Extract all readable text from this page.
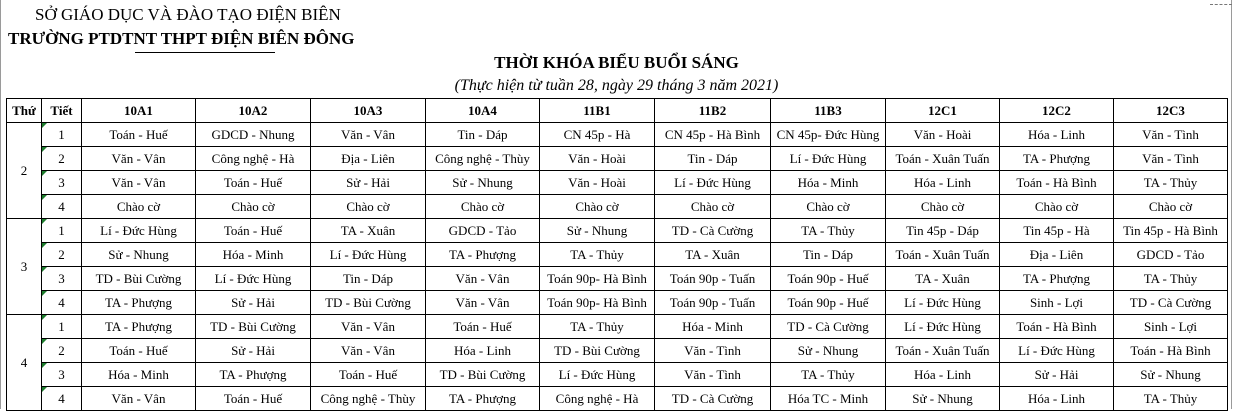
SỞ GIÁO DỤC VÀ ĐÀO TẠO ĐIỆN BIÊN
TRƯỜNG PTDTNT THPT ĐIỆN BIÊN ĐÔNG
THỜI KHÓA BIỂU BUỔI SÁNG
(Thực hiện từ tuần 28, ngày 29 tháng 3 năm 2021)
Thứ	Tiết	10A1	10A2	10A3	10A4	11B1	11B2	11B3	12C1	12C2	12C3
2	1	Toán - Huế	GDCD - Nhung	Văn - Vân	Tin - Dáp	CN 45p - Hà	CN 45p - Hà Bình	CN 45p- Đức Hùng	Văn - Hoài	Hóa - Linh	Văn - Tình

2	Văn - Vân	Công nghệ - Hà	Địa - Liên	Công nghệ - Thùy	Văn - Hoài	Tin - Dáp	Lí - Đức Hùng	Toán - Xuân Tuấn	TA - Phượng	Văn - Tình

3	Văn - Vân	Toán - Huế	Sử - Hải	Sử - Nhung	Văn - Hoài	Lí - Đức Hùng	Hóa - Minh	Hóa - Linh	Toán - Hà Bình	TA - Thủy

4	Chào cờ	Chào cờ	Chào cờ	Chào cờ	Chào cờ	Chào cờ	Chào cờ	Chào cờ	Chào cờ	Chào cờ
3	1	Lí - Đức Hùng	Toán - Huế	TA - Xuân	GDCD - Tảo	Sử - Nhung	TD - Cà Cường	TA - Thủy	Tin 45p - Dáp	Tin 45p - Hà	Tin 45p - Hà Bình

2	Sử - Nhung	Hóa - Minh	Lí - Đức Hùng	TA - Phượng	TA - Thủy	TA - Xuân	Tin - Dáp	Toán - Xuân Tuấn	Địa - Liên	GDCD - Tảo

3	TD - Bùi Cường	Lí - Đức Hùng	Tin - Dáp	Văn - Vân	Toán 90p- Hà Bình	Toán 90p - Tuấn	Toán 90p - Huế	TA - Xuân	TA - Phượng	TA - Thủy

4	TA - Phượng	Sử - Hải	TD - Bùi Cường	Văn - Vân	Toán 90p- Hà Bình	Toán 90p - Tuấn	Toán 90p - Huế	Lí - Đức Hùng	Sinh - Lợi	TD - Cà Cường
4	1	TA - Phượng	TD - Bùi Cường	Văn - Vân	Toán - Huế	TA - Thủy	Hóa - Minh	TD - Cà Cường	Lí - Đức Hùng	Toán - Hà Bình	Sinh - Lợi

2	Toán - Huế	Sử - Hải	Văn - Vân	Hóa - Linh	TD - Bùi Cường	Văn - Tình	Sử - Nhung	Toán - Xuân Tuấn	Lí - Đức Hùng	Toán - Hà Bình

3	Hóa - Minh	TA - Phượng	Toán - Huế	TD - Bùi Cường	Lí - Đức Hùng	Văn - Tình	TA - Thủy	Hóa - Linh	Sử - Hải	Sử - Nhung

4	Văn - Vân	Toán - Huế	Công nghệ - Thùy	TA - Phượng	Công nghệ - Hà	TD - Cà Cường	Hóa TC - Minh	Sử - Nhung	Hóa - Linh	TA - Thủy
